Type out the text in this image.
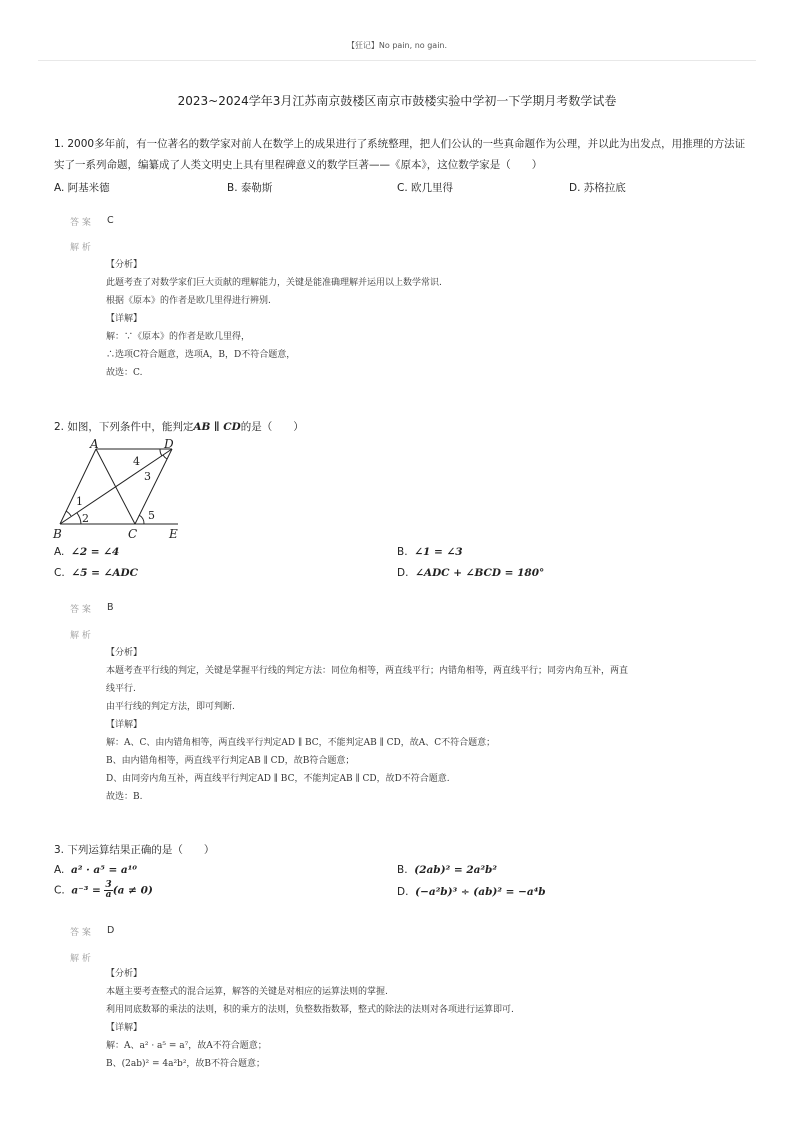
【狂记】No pain, no gain.
2023~2024学年3月江苏南京鼓楼区南京市鼓楼实验中学初一下学期月考数学试卷
1. 2000多年前，有一位著名的数学家对前人在数学上的成果进行了系统整理，把人们公认的一些真命题作为公理，并以此为出发点，用推理的方法证
实了一系列命题，编纂成了人类文明史上具有里程碑意义的数学巨著——《原本》，这位数学家是（　　）
A. 阿基米德	B. 泰勒斯	C. 欧几里得	D. 苏格拉底
答 案 C
解 析
【分析】
此题考查了对数学家们巨大贡献的理解能力，关键是能准确理解并运用以上数学常识.
根据《原本》的作者是欧几里得进行辨别.
【详解】
解：∵《原本》的作者是欧几里得，
∴选项C符合题意，选项A，B，D不符合题意，
故选：C.
2. 如图，下列条件中，能判定AB ∥ CD的是（　　）
A	D
B	C	E
1
2
3
4
5
A. ∠2 = ∠4	B. ∠1 = ∠3
C. ∠5 = ∠ADC	D. ∠ADC + ∠BCD = 180°
答 案 B
解 析
【分析】
本题考查平行线的判定，关键是掌握平行线的判定方法：同位角相等，两直线平行；内错角相等，两直线平行；同旁内角互补，两直
线平行.
由平行线的判定方法，即可判断.
【详解】
解：A、C、由内错角相等，两直线平行判定AD ∥ BC，不能判定AB ∥ CD，故A、C不符合题意；
B、由内错角相等，两直线平行判定AB ∥ CD，故B符合题意；
D、由同旁内角互补，两直线平行判定AD ∥ BC，不能判定AB ∥ CD，故D不符合题意.
故选：B.
3. 下列运算结果正确的是（　　）
A. a² · a⁵ = a¹⁰	B. (2ab)² = 2a²b²
C. $a^{-3} = \frac{3}{a} (a \ne 0)$	D. (−a²b)³ ÷ (ab)² = −a⁴b
答 案 D
解 析
【分析】
本题主要考查整式的混合运算，解答的关键是对相应的运算法则的掌握.
利用同底数幂的乘法的法则，积的乘方的法则，负整数指数幂，整式的除法的法则对各项进行运算即可.
【详解】
解：A、a² · a⁵ = a⁷，故A不符合题意；
B、(2ab)² = 4a²b²，故B不符合题意；
